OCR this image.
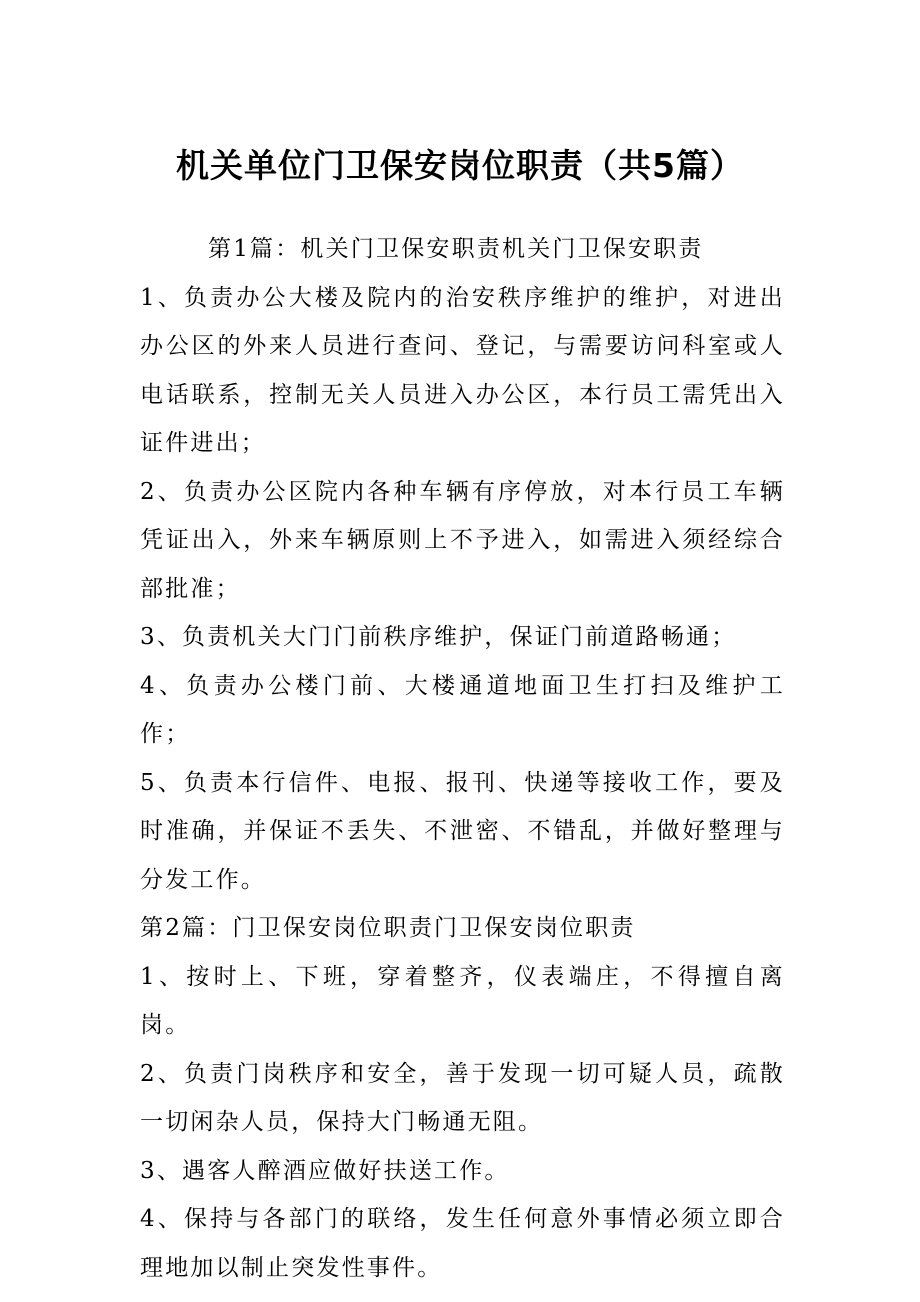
机关单位门卫保安岗位职责（共5篇）

第1篇：机关门卫保安职责机关门卫保安职责

1、负责办公大楼及院内的治安秩序维护的维护，对进出办公区的外来人员进行查问、登记，与需要访问科室或人电话联系，控制无关人员进入办公区，本行员工需凭出入证件进出；

2、负责办公区院内各种车辆有序停放，对本行员工车辆凭证出入，外来车辆原则上不予进入，如需进入须经综合部批准；

3、负责机关大门门前秩序维护，保证门前道路畅通；

4、负责办公楼门前、大楼通道地面卫生打扫及维护工作；

5、负责本行信件、电报、报刊、快递等接收工作，要及时准确，并保证不丢失、不泄密、不错乱，并做好整理与分发工作。

第2篇：门卫保安岗位职责门卫保安岗位职责

1、按时上、下班，穿着整齐，仪表端庄，不得擅自离岗。

2、负责门岗秩序和安全，善于发现一切可疑人员，疏散一切闲杂人员，保持大门畅通无阻。

3、遇客人醉酒应做好扶送工作。

4、保持与各部门的联络，发生任何意外事情必须立即合理地加以制止突发性事件。
